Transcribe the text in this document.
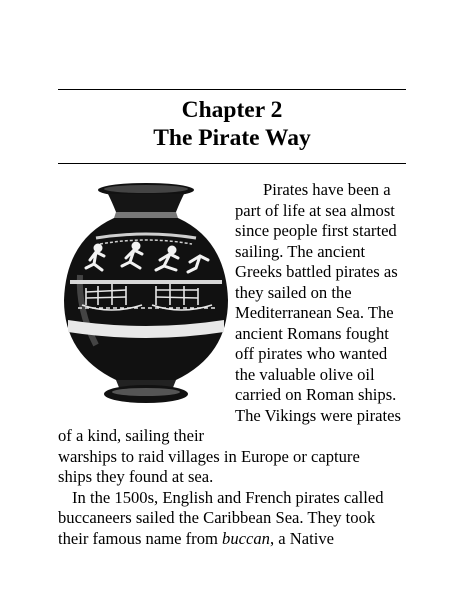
Chapter 2
The Pirate Way

Pirates have been a
part of life at sea almost
since people first started
sailing. The ancient
Greeks battled pirates as
they sailed on the
Mediterranean Sea. The
ancient Romans fought
off pirates who wanted
the valuable olive oil
carried on Roman ships.
The Vikings were pirates
of a kind, sailing their
warships to raid villages in Europe or capture
ships they found at sea.

In the 1500s, English and French pirates called
buccaneers sailed the Caribbean Sea. They took
their famous name from buccan, a Native
